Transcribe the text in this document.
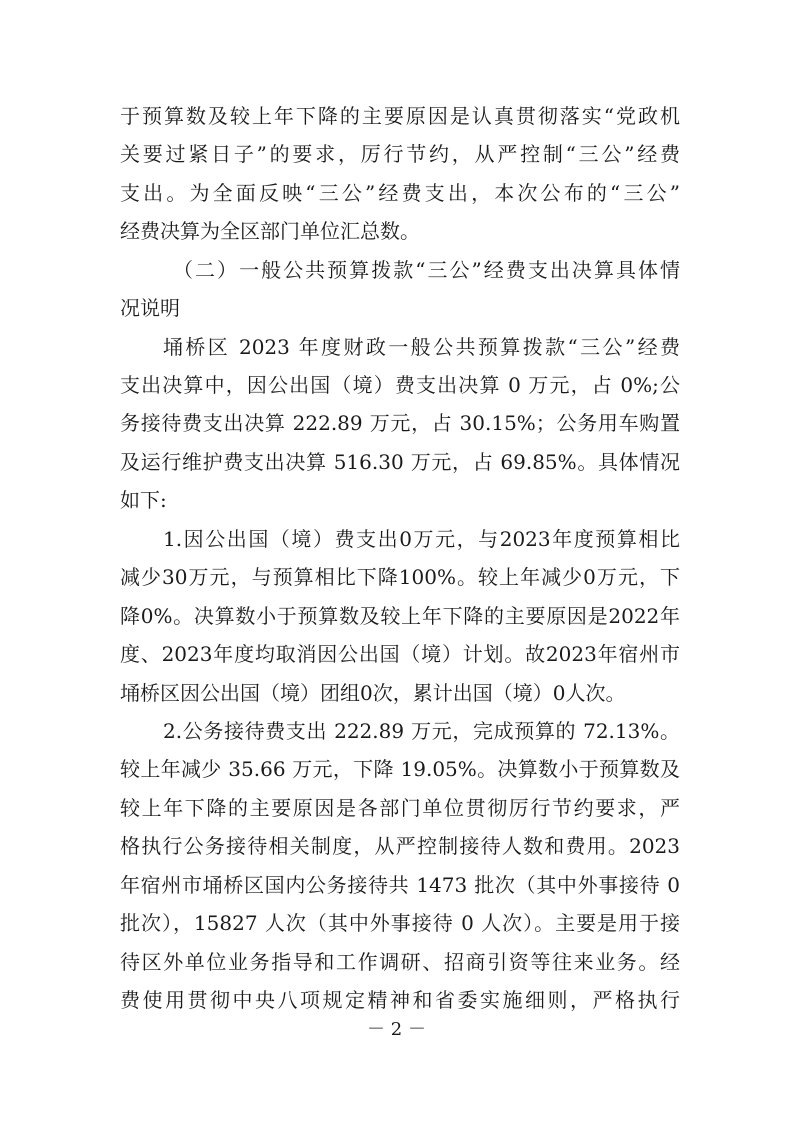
于预算数及较上年下降的主要原因是认真贯彻落实“党政机
关要过紧日子”的要求，厉行节约，从严控制“三公”经费
支出。为全面反映“三公”经费支出，本次公布的“三公”
经费决算为全区部门单位汇总数。
（二）一般公共预算拨款“三公”经费支出决算具体情
况说明
埇桥区 2023 年度财政一般公共预算拨款“三公”经费
支出决算中，因公出国（境）费支出决算 0 万元，占 0%;公
务接待费支出决算 222.89 万元，占 30.15%；公务用车购置
及运行维护费支出决算 516.30 万元，占 69.85%。具体情况
如下:
1.因公出国（境）费支出0万元，与2023年度预算相比
减少30万元，与预算相比下降100%。较上年减少0万元，下
降0%。决算数小于预算数及较上年下降的主要原因是2022年
度、2023年度均取消因公出国（境）计划。故2023年宿州市
埇桥区因公出国（境）团组0次，累计出国（境）0人次。
2.公务接待费支出 222.89 万元，完成预算的 72.13%。
较上年减少 35.66 万元，下降 19.05%。决算数小于预算数及
较上年下降的主要原因是各部门单位贯彻厉行节约要求，严
格执行公务接待相关制度，从严控制接待人数和费用。2023
年宿州市埇桥区国内公务接待共 1473 批次（其中外事接待 0
批次），15827 人次（其中外事接待 0 人次）。主要是用于接
待区外单位业务指导和工作调研、招商引资等往来业务。经
费使用贯彻中央八项规定精神和省委实施细则，严格执行
－ 2 －
